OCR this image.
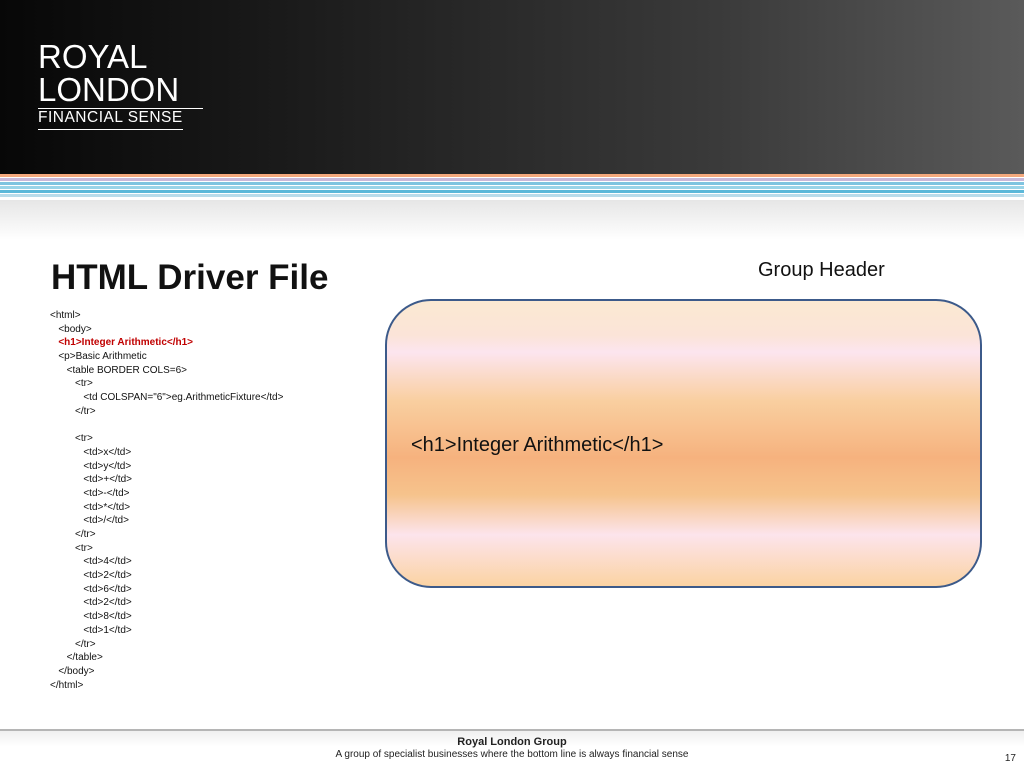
ROYAL
LONDON
FINANCIAL SENSE
HTML Driver File	Group Header
<html>
<body>
<h1>Integer Arithmetic</h1>
<p>Basic Arithmetic
<table BORDER COLS=6>
<tr>
<td COLSPAN="6">eg.ArithmeticFixture</td>
</tr>
<tr>
<td>x</td>
<td>y</td>
<td>+</td>
<td>-</td>
<td>*</td>
<td>/</td>
</tr>
<tr>
<td>4</td>
<td>2</td>
<td>6</td>
<td>2</td>
<td>8</td>
<td>1</td>
</tr>
</table>
</body>
</html>
<h1>Integer Arithmetic</h1>
Royal London Group
A group of specialist businesses where the bottom line is always financial sense	17
